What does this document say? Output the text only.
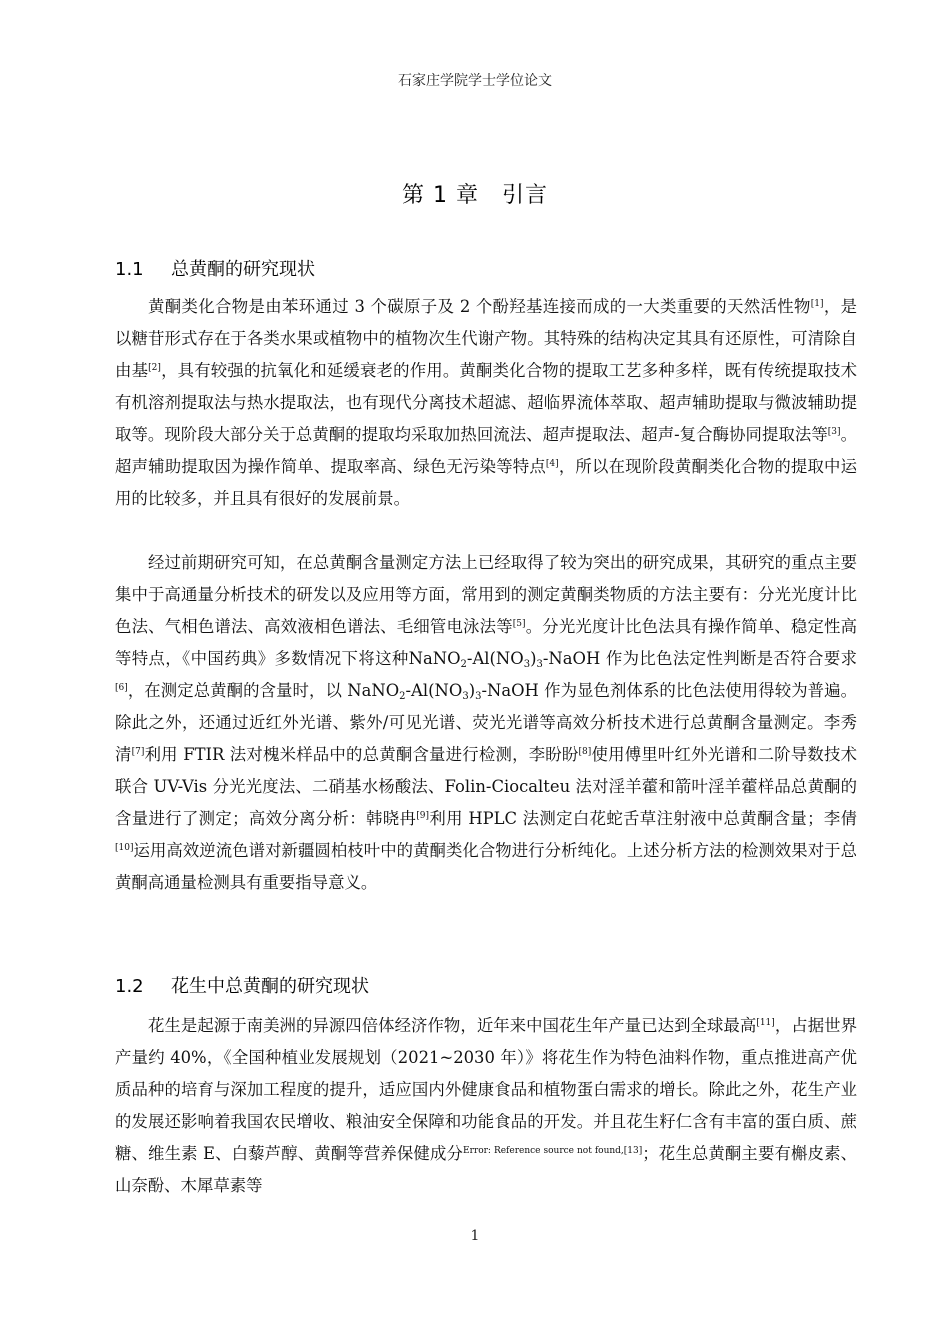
石家庄学院学士学位论文
第 1 章　引言
1.1 总黄酮的研究现状

黄酮类化合物是由苯环通过 3 个碳原子及 2 个酚羟基连接而成的一大类重要的天然活性物[1]，是以糖苷形式存在于各类水果或植物中的植物次生代谢产物。其特殊的结构决定其具有还原性，可清除自由基[2]，具有较强的抗氧化和延缓衰老的作用。黄酮类化合物的提取工艺多种多样，既有传统提取技术有机溶剂提取法与热水提取法，也有现代分离技术超滤、超临界流体萃取、超声辅助提取与微波辅助提取等。现阶段大部分关于总黄酮的提取均采取加热回流法、超声提取法、超声-复合酶协同提取法等[3]。超声辅助提取因为操作简单、提取率高、绿色无污染等特点[4]，所以在现阶段黄酮类化合物的提取中运用的比较多，并且具有很好的发展前景。

经过前期研究可知，在总黄酮含量测定方法上已经取得了较为突出的研究成果，其研究的重点主要集中于高通量分析技术的研发以及应用等方面，常用到的测定黄酮类物质的方法主要有：分光光度计比色法、气相色谱法、高效液相色谱法、毛细管电泳法等[5]。分光光度计比色法具有操作简单、稳定性高等特点，《中国药典》多数情况下将这种$NaNO_2-Al(NO_3)_3$-NaOH 作为比色法定性判断是否符合要求[6]，在测定总黄酮的含量时，以 $NaNO_2-Al(NO_3)_3$-NaOH 作为显色剂体系的比色法使用得较为普遍。除此之外，还通过近红外光谱、紫外/可见光谱、荧光光谱等高效分析技术进行总黄酮含量测定。李秀清[7]利用 FTIR 法对槐米样品中的总黄酮含量进行检测，李盼盼[8]使用傅里叶红外光谱和二阶导数技术联合 UV-Vis 分光光度法、二硝基水杨酸法、Folin-Ciocalteu 法对淫羊藿和箭叶淫羊藿样品总黄酮的含量进行了测定；高效分离分析：韩晓冉[9]利用 HPLC 法测定白花蛇舌草注射液中总黄酮含量；李倩[10]运用高效逆流色谱对新疆圆柏枝叶中的黄酮类化合物进行分析纯化。上述分析方法的检测效果对于总黄酮高通量检测具有重要指导意义。

1.2 花生中总黄酮的研究现状

花生是起源于南美洲的异源四倍体经济作物，近年来中国花生年产量已达到全球最高[11]，占据世界产量约 40%，《全国种植业发展规划（2021~2030 年）》将花生作为特色油料作物，重点推进高产优质品种的培育与深加工程度的提升，适应国内外健康食品和植物蛋白需求的增长。除此之外，花生产业的发展还影响着我国农民增收、粮油安全保障和功能食品的开发。并且花生籽仁含有丰富的蛋白质、蔗糖、维生素 E、白藜芦醇、黄酮等营养保健成分$^{Error: Reference source not found,[13]}$；花生总黄酮主要有槲皮素、山奈酚、木犀草素等

1
